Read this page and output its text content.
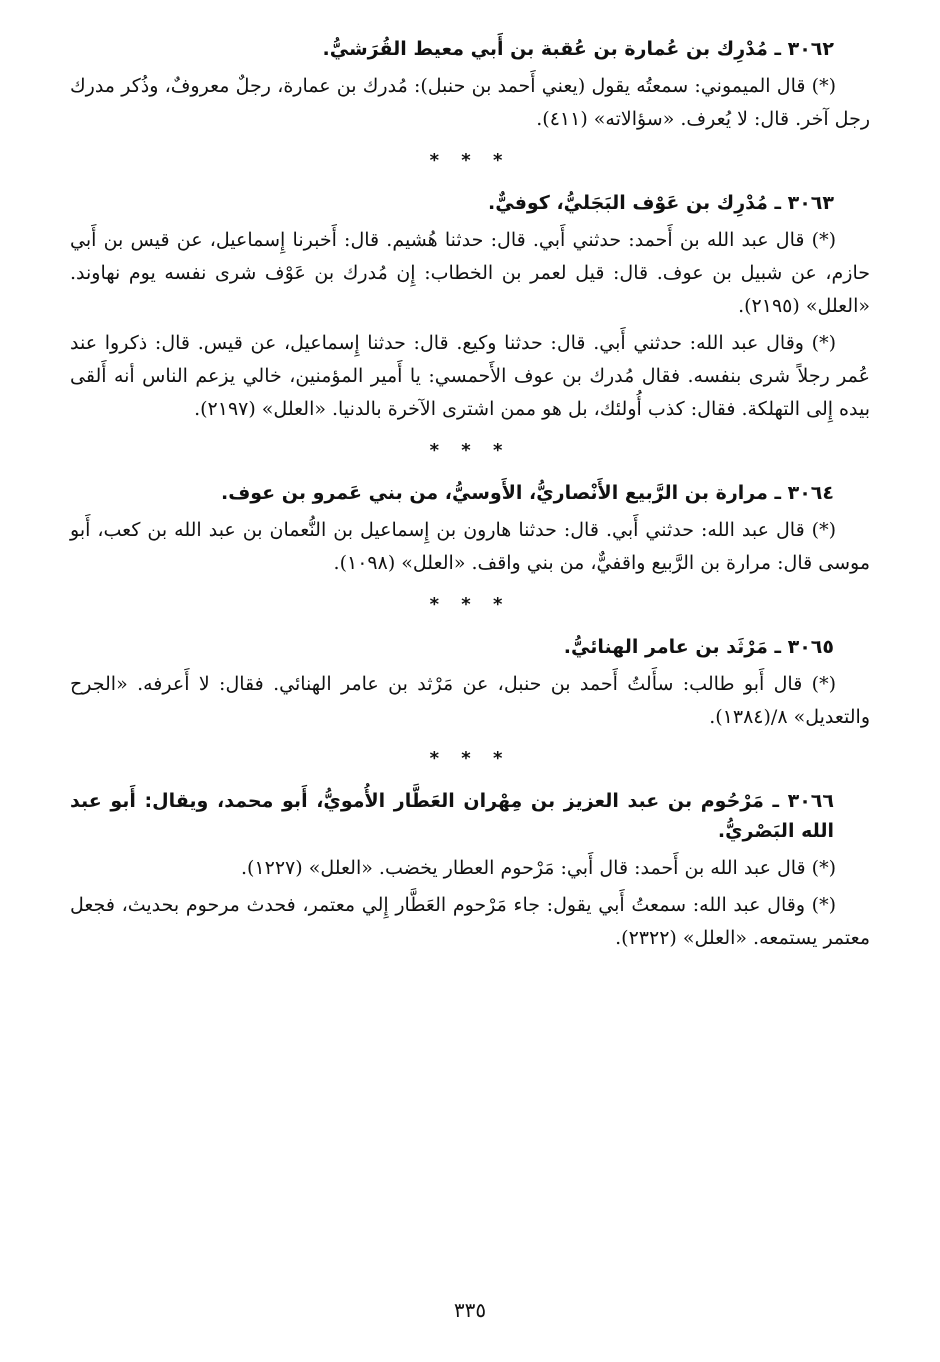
٣٠٦٢ ـ مُدْرِك بن عُمارة بن عُقبة بن أَبي معيط القُرَشيُّ.

(*) قال الميموني: سمعتُه يقول (يعني أَحمد بن حنبل): مُدرك بن عمارة، رجلٌ معروفٌ، وذُكر مدرك رجل آخر. قال: لا يُعرف. «سؤالاته» (٤١١).

* * *
٣٠٦٣ ـ مُدْرِك بن عَوْف البَجَليُّ، كوفيٌّ.

(*) قال عبد الله بن أَحمد: حدثني أَبي. قال: حدثنا هُشيم. قال: أَخبرنا إِسماعيل، عن قيس بن أَبي حازم، عن شبيل بن عوف. قال: قيل لعمر بن الخطاب: إِن مُدرك بن عَوْف شرى نفسه يوم نهاوند. «العلل» (٢١٩٥).

(*) وقال عبد الله: حدثني أَبي. قال: حدثنا وكيع. قال: حدثنا إِسماعيل، عن قيس. قال: ذكروا عند عُمر رجلاً شرى بنفسه. فقال مُدرك بن عوف الأَحمسي: يا أَمير المؤمنين، خالي يزعم الناس أنه أَلقى بيده إِلى التهلكة. فقال: كذب أُولئك، بل هو ممن اشترى الآخرة بالدنيا. «العلل» (٢١٩٧).

* * *
٣٠٦٤ ـ مرارة بن الرَّبيع الأَنْصاريُّ، الأَوسيُّ، من بني عَمرو بن عوف.

(*) قال عبد الله: حدثني أَبي. قال: حدثنا هارون بن إِسماعيل بن النُّعمان بن عبد الله بن كعب، أَبو موسى قال: مرارة بن الرَّبيع واقفيٌّ، من بني واقف. «العلل» (١٠٩٨).

* * *
٣٠٦٥ ـ مَرْثَد بن عامر الهنائيُّ.

(*) قال أَبو طالب: سأَلتُ أَحمد بن حنبل، عن مَرْثد بن عامر الهنائي. فقال: لا أَعرفه. «الجرح والتعديل» ٨/(١٣٨٤).

* * *
٣٠٦٦ ـ مَرْحُوم بن عبد العزيز بن مِهْران العَطَّار الأُمويُّ، أَبو محمد، ويقال: أَبو عبد الله البَصْريُّ.

(*) قال عبد الله بن أَحمد: قال أَبي: مَرْحوم العطار يخضب. «العلل» (١٢٢٧).

(*) وقال عبد الله: سمعتُ أَبي يقول: جاء مَرْحوم العَطَّار إِلي معتمر، فحدث مرحوم بحديث، فجعل معتمر يستمعه. «العلل» (٢٣٢٢).

٣٣٥
